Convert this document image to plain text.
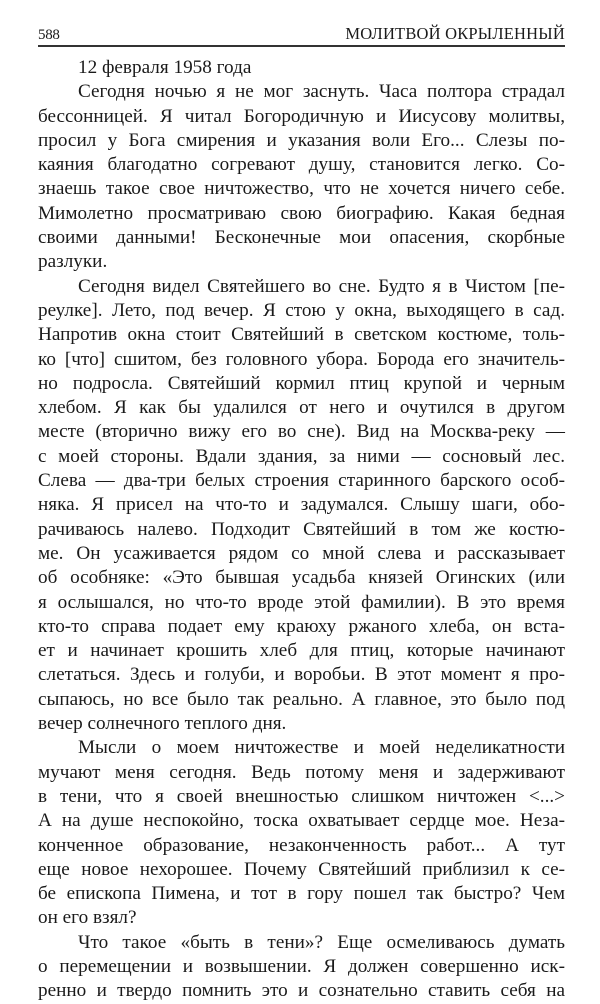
588	МОЛИТВОЙ ОКРЫЛЕННЫЙ
12 февраля 1958 года
Сегодня ночью я не мог заснуть. Часа полтора страдал
бессонницей. Я читал Богородичную и Иисусову молитвы,
просил у Бога смирения и указания воли Его... Слезы по-
каяния благодатно согревают душу, становится легко. Со-
знаешь такое свое ничтожество, что не хочется ничего себе.
Мимолетно просматриваю свою биографию. Какая бедная
своими данными! Бесконечные мои опасения, скорбные
разлуки.
Сегодня видел Святейшего во сне. Будто я в Чистом [пе-
реулке]. Лето, под вечер. Я стою у окна, выходящего в сад.
Напротив окна стоит Святейший в светском костюме, толь-
ко [что] сшитом, без головного убора. Борода его значитель-
но подросла. Святейший кормил птиц крупой и черным
хлебом. Я как бы удалился от него и очутился в другом
месте (вторично вижу его во сне). Вид на Москва-реку —
с моей стороны. Вдали здания, за ними — сосновый лес.
Слева — два-три белых строения старинного барского особ-
няка. Я присел на что-то и задумался. Слышу шаги, обо-
рачиваюсь налево. Подходит Святейший в том же костю-
ме. Он усаживается рядом со мной слева и рассказывает
об особняке: «Это бывшая усадьба князей Огинских (или
я ослышался, но что-то вроде этой фамилии). В это время
кто-то справа подает ему краюху ржаного хлеба, он вста-
ет и начинает крошить хлеб для птиц, которые начинают
слетаться. Здесь и голуби, и воробьи. В этот момент я про-
сыпаюсь, но все было так реально. А главное, это было под
вечер солнечного теплого дня.
Мысли о моем ничтожестве и моей неделикатности
мучают меня сегодня. Ведь потому меня и задерживают
в тени, что я своей внешностью слишком ничтожен <...>
А на душе неспокойно, тоска охватывает сердце мое. Неза-
конченное образование, незаконченность работ... А тут
еще новое нехорошее. Почему Святейший приблизил к се-
бе епископа Пимена, и тот в гору пошел так быстро? Чем
он его взял?
Что такое «быть в тени»? Еще осмеливаюсь думать
о перемещении и возвышении. Я должен совершенно иск-
ренно и твердо помнить это и сознательно ставить себя на
